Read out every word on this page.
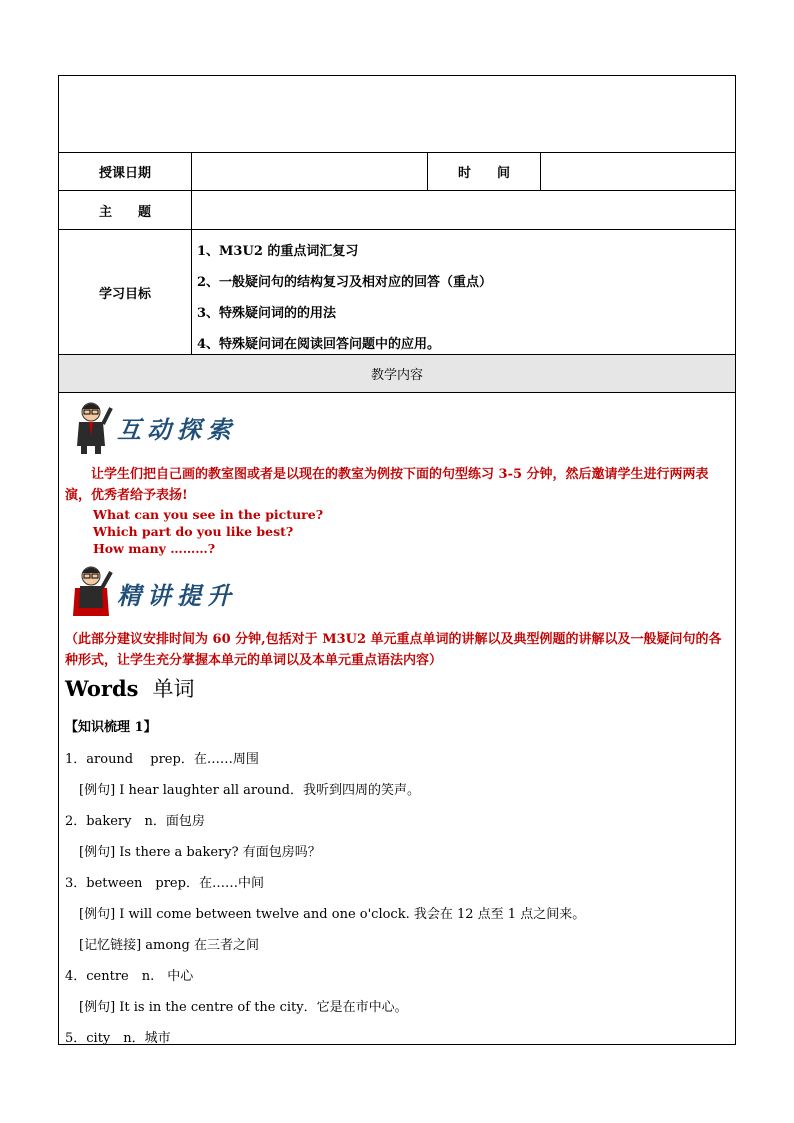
授课日期	时　　间
主　　题
学习目标
1、M3U2 的重点词汇复习
2、一般疑问句的结构复习及相对应的回答（重点）
3、特殊疑问词的的用法
4、特殊疑问词在阅读回答问题中的应用。
教学内容
互动探索
让学生们把自己画的教室图或者是以现在的教室为例按下面的句型练习 3-5 分钟，然后邀请学生进行两两表演，优秀者给予表扬!
What can you see in the picture?
Which part do you like best?
How many ………?
精讲提升
（此部分建议安排时间为 60 分钟,包括对于 M3U2 单元重点单词的讲解以及典型例题的讲解以及一般疑问句的各种形式，让学生充分掌握本单元的单词以及本单元重点语法内容）
Words 单词
【知识梳理 1】
1．around　 prep．在……周围
[例句] I hear laughter all around．我听到四周的笑声。
2．bakery　n．面包房
[例句] Is there a bakery? 有面包房吗？
3．between　prep．在……中间
[例句] I will come between twelve and one o'clock. 我会在 12 点至 1 点之间来。
[记忆链接] among 在三者之间
4．centre　n.　中心
[例句] It is in the centre of the city．它是在市中心。
5．city　n．城市
